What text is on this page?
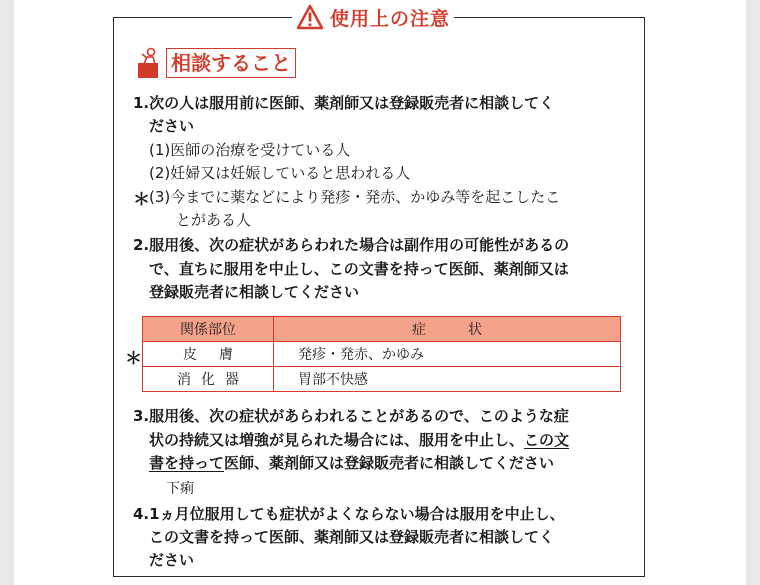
使用上の注意
相談すること
1.次の人は服用前に医師、薬剤師又は登録販売者に相談してく
ださい
(1)医師の治療を受けている人
(2)妊婦又は妊娠していると思われる人
＊ (3)今までに薬などにより発疹・発赤、かゆみ等を起こしたこ
とがある人
2.服用後、次の症状があらわれた場合は副作用の可能性があるの
で、直ちに服用を中止し、この文書を持って医師、薬剤師又は
登録販売者に相談してください
＊
関係部位	症　　　状
皮膚	発疹・発赤、かゆみ
消化器	胃部不快感
3.服用後、次の症状があらわれることがあるので、このような症
状の持続又は増強が見られた場合には、服用を中止し、この文
書を持って医師、薬剤師又は登録販売者に相談してください
下痢
4.1ヵ月位服用しても症状がよくならない場合は服用を中止し、
この文書を持って医師、薬剤師又は登録販売者に相談してく
ださい
